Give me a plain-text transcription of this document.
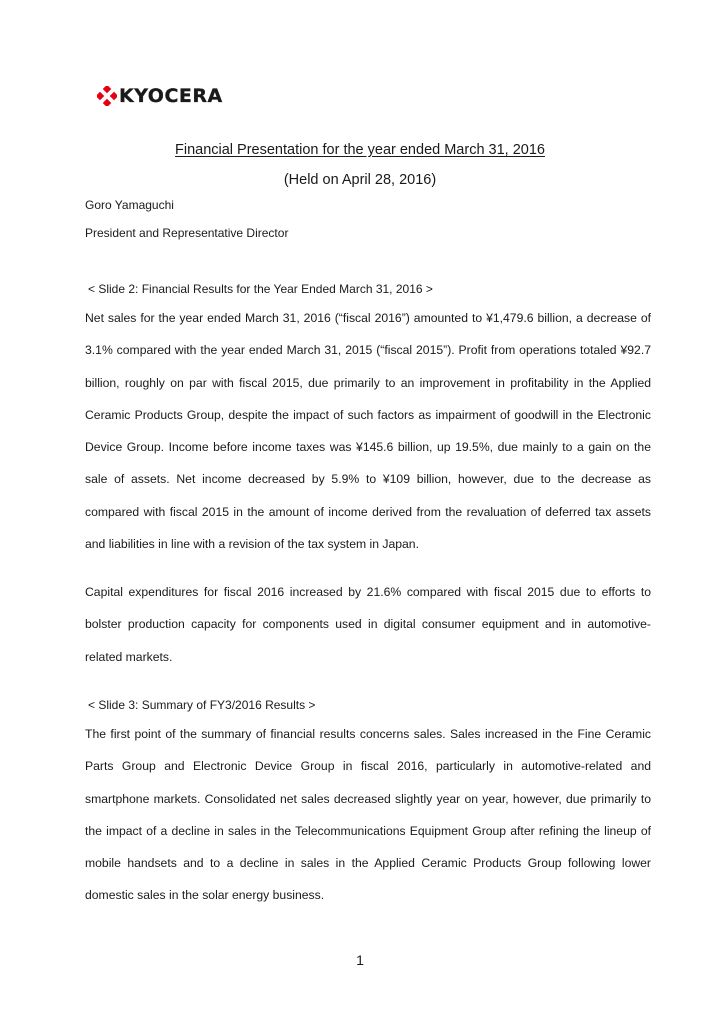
KYOCERA
Financial Presentation for the year ended March 31, 2016
(Held on April 28, 2016)
Goro Yamaguchi
President and Representative Director
< Slide 2: Financial Results for the Year Ended March 31, 2016 >
Net sales for the year ended March 31, 2016 (“fiscal 2016”) amounted to ¥1,479.6 billion, a decrease of 3.1% compared with the year ended March 31, 2015 (“fiscal 2015”). Profit from operations totaled ¥92.7 billion, roughly on par with fiscal 2015, due primarily to an improvement in profitability in the Applied Ceramic Products Group, despite the impact of such factors as impairment of goodwill in the Electronic Device Group. Income before income taxes was ¥145.6 billion, up 19.5%, due mainly to a gain on the sale of assets. Net income decreased by 5.9% to ¥109 billion, however, due to the decrease as compared with fiscal 2015 in the amount of income derived from the revaluation of deferred tax assets and liabilities in line with a revision of the tax system in Japan.
Capital expenditures for fiscal 2016 increased by 21.6% compared with fiscal 2015 due to efforts to bolster production capacity for components used in digital consumer equipment and in automotive-related markets.
< Slide 3: Summary of FY3/2016 Results >
The first point of the summary of financial results concerns sales. Sales increased in the Fine Ceramic Parts Group and Electronic Device Group in fiscal 2016, particularly in automotive-related and smartphone markets. Consolidated net sales decreased slightly year on year, however, due primarily to the impact of a decline in sales in the Telecommunications Equipment Group after refining the lineup of mobile handsets and to a decline in sales in the Applied Ceramic Products Group following lower domestic sales in the solar energy business.
1
